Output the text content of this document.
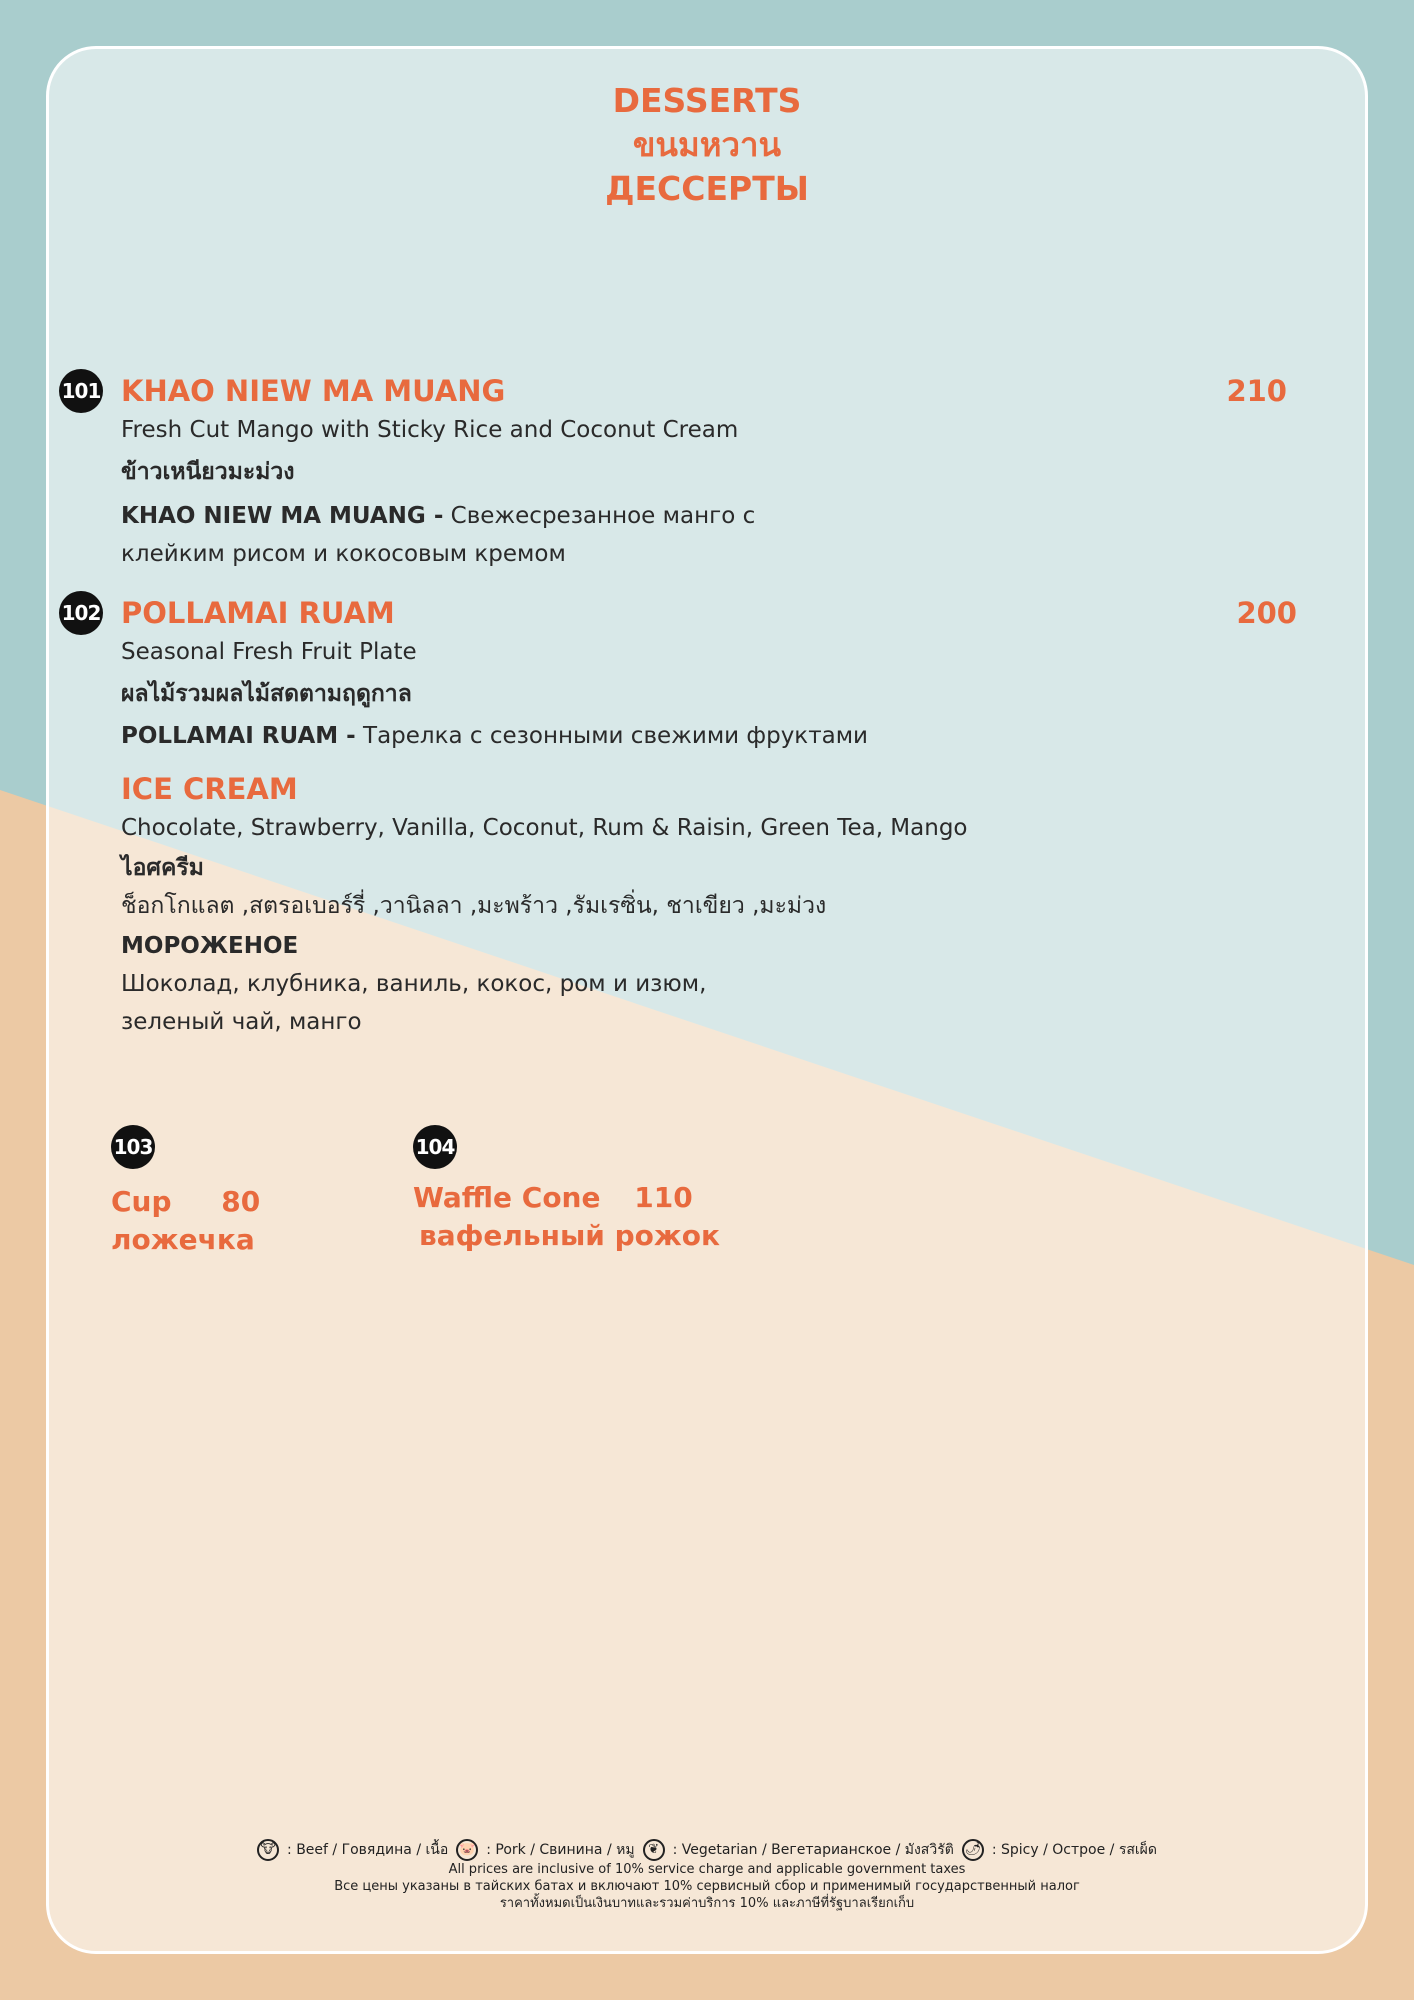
DESSERTS
ขนมหวาน
ДЕССЕРТЫ
101 KHAO NIEW MA MUANG	210
Fresh Cut Mango with Sticky Rice and Coconut Cream
ข้าวเหนียวมะม่วง
KHAO NIEW MA MUANG - Свежесрезанное манго с
клейким рисом и кокосовым кремом
102 POLLAMAI RUAM	200
Seasonal Fresh Fruit Plate
ผลไม้รวมผลไม้สดตามฤดูกาล
POLLAMAI RUAM - Тарелка с сезонными свежими фруктами
ICE CREAM
Chocolate, Strawberry, Vanilla, Coconut, Rum & Raisin, Green Tea, Mango
ไอศครีม
ช็อกโกแลต ,สตรอเบอร์รี่ ,วานิลลา ,มะพร้าว ,รัมเรซิ่น, ชาเขียว ,มะม่วง
МОРОЖЕНОЕ
Шоколад, клубника, ваниль, кокос, ром и изюм,
зеленый чай, манго
103
Cup 80
ложечка
104
Waffle Cone 110
вафельный рожок
🐮 : Beef / Говядина / เนื้อ 🐷 : Pork / Свинина / หมู	❦ : Vegetarian / Вегетарианское / มังสวิรัติ 🌶 : Spicy / Острое / รสเผ็ด
All prices are inclusive of 10% service charge and applicable government taxes
Все цены указаны в тайских батах и включают 10% сервисный сбор и применимый государственный налог
ราคาทั้งหมดเป็นเงินบาทและรวมค่าบริการ 10% และภาษีที่รัฐบาลเรียกเก็บ
